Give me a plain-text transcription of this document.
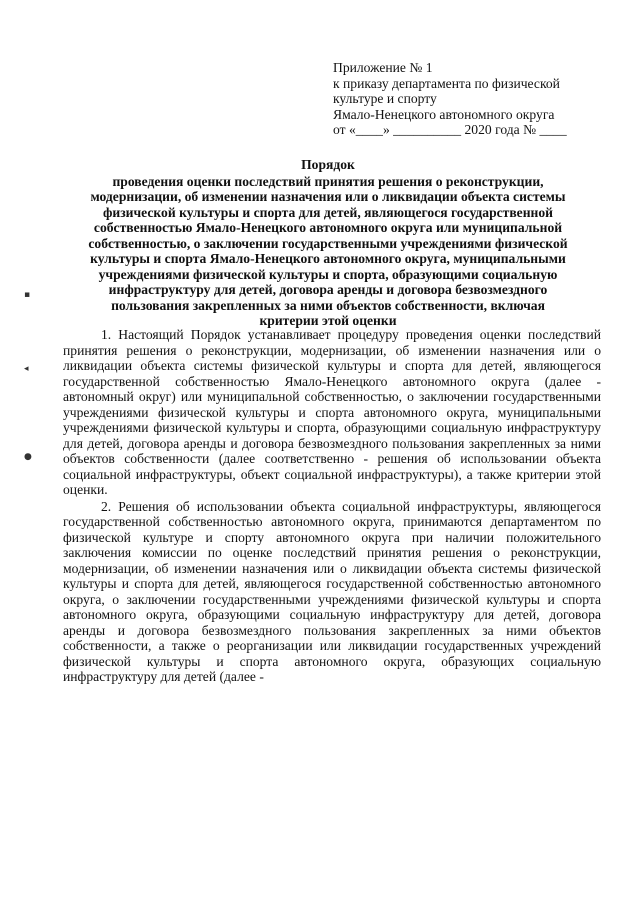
Приложение № 1
к приказу департамента по физической
культуре и спорту
Ямало-Ненецкого автономного округа
от «____» __________ 2020 года № ____
Порядок
проведения оценки последствий принятия решения о реконструкции,
модернизации, об изменении назначения или о ликвидации объекта системы
физической культуры и спорта для детей, являющегося государственной
собственностью Ямало-Ненецкого автономного округа или муниципальной
собственностью, о заключении государственными учреждениями физической
культуры и спорта Ямало-Ненецкого автономного округа, муниципальными
учреждениями физической культуры и спорта, образующими социальную
инфраструктуру для детей, договора аренды и договора безвозмездного
пользования закрепленных за ними объектов собственности, включая
критерии этой оценки

1. Настоящий Порядок устанавливает процедуру проведения оценки последствий принятия решения о реконструкции, модернизации, об изменении назначения или о ликвидации объекта системы физической культуры и спорта для детей, являющегося государственной собственностью Ямало-Ненецкого автономного округа (далее - автономный округ) или муниципальной собственностью, о заключении государственными учреждениями физической культуры и спорта автономного округа, муниципальными учреждениями физической культуры и спорта, образующими социальную инфраструктуру для детей, договора аренды и договора безвозмездного пользования закрепленных за ними объектов собственности (далее соответственно - решения об использовании объекта социальной инфраструктуры, объект социальной инфраструктуры), а также критерии этой оценки.

2. Решения об использовании объекта социальной инфраструктуры, являющегося государственной собственностью автономного округа, принимаются департаментом по физической культуре и спорту автономного округа при наличии положительного заключения комиссии по оценке последствий принятия решения о реконструкции, модернизации, об изменении назначения или о ликвидации объекта системы физической культуры и спорта для детей, являющегося государственной собственностью автономного округа, о заключении государственными учреждениями физической культуры и спорта автономного округа, образующими социальную инфраструктуру для детей, договора аренды и договора безвозмездного пользования закрепленных за ними объектов собственности, а также о реорганизации или ликвидации государственных учреждений физической культуры и спорта автономного округа, образующих социальную инфраструктуру для детей (далее -

▪
◂
●
